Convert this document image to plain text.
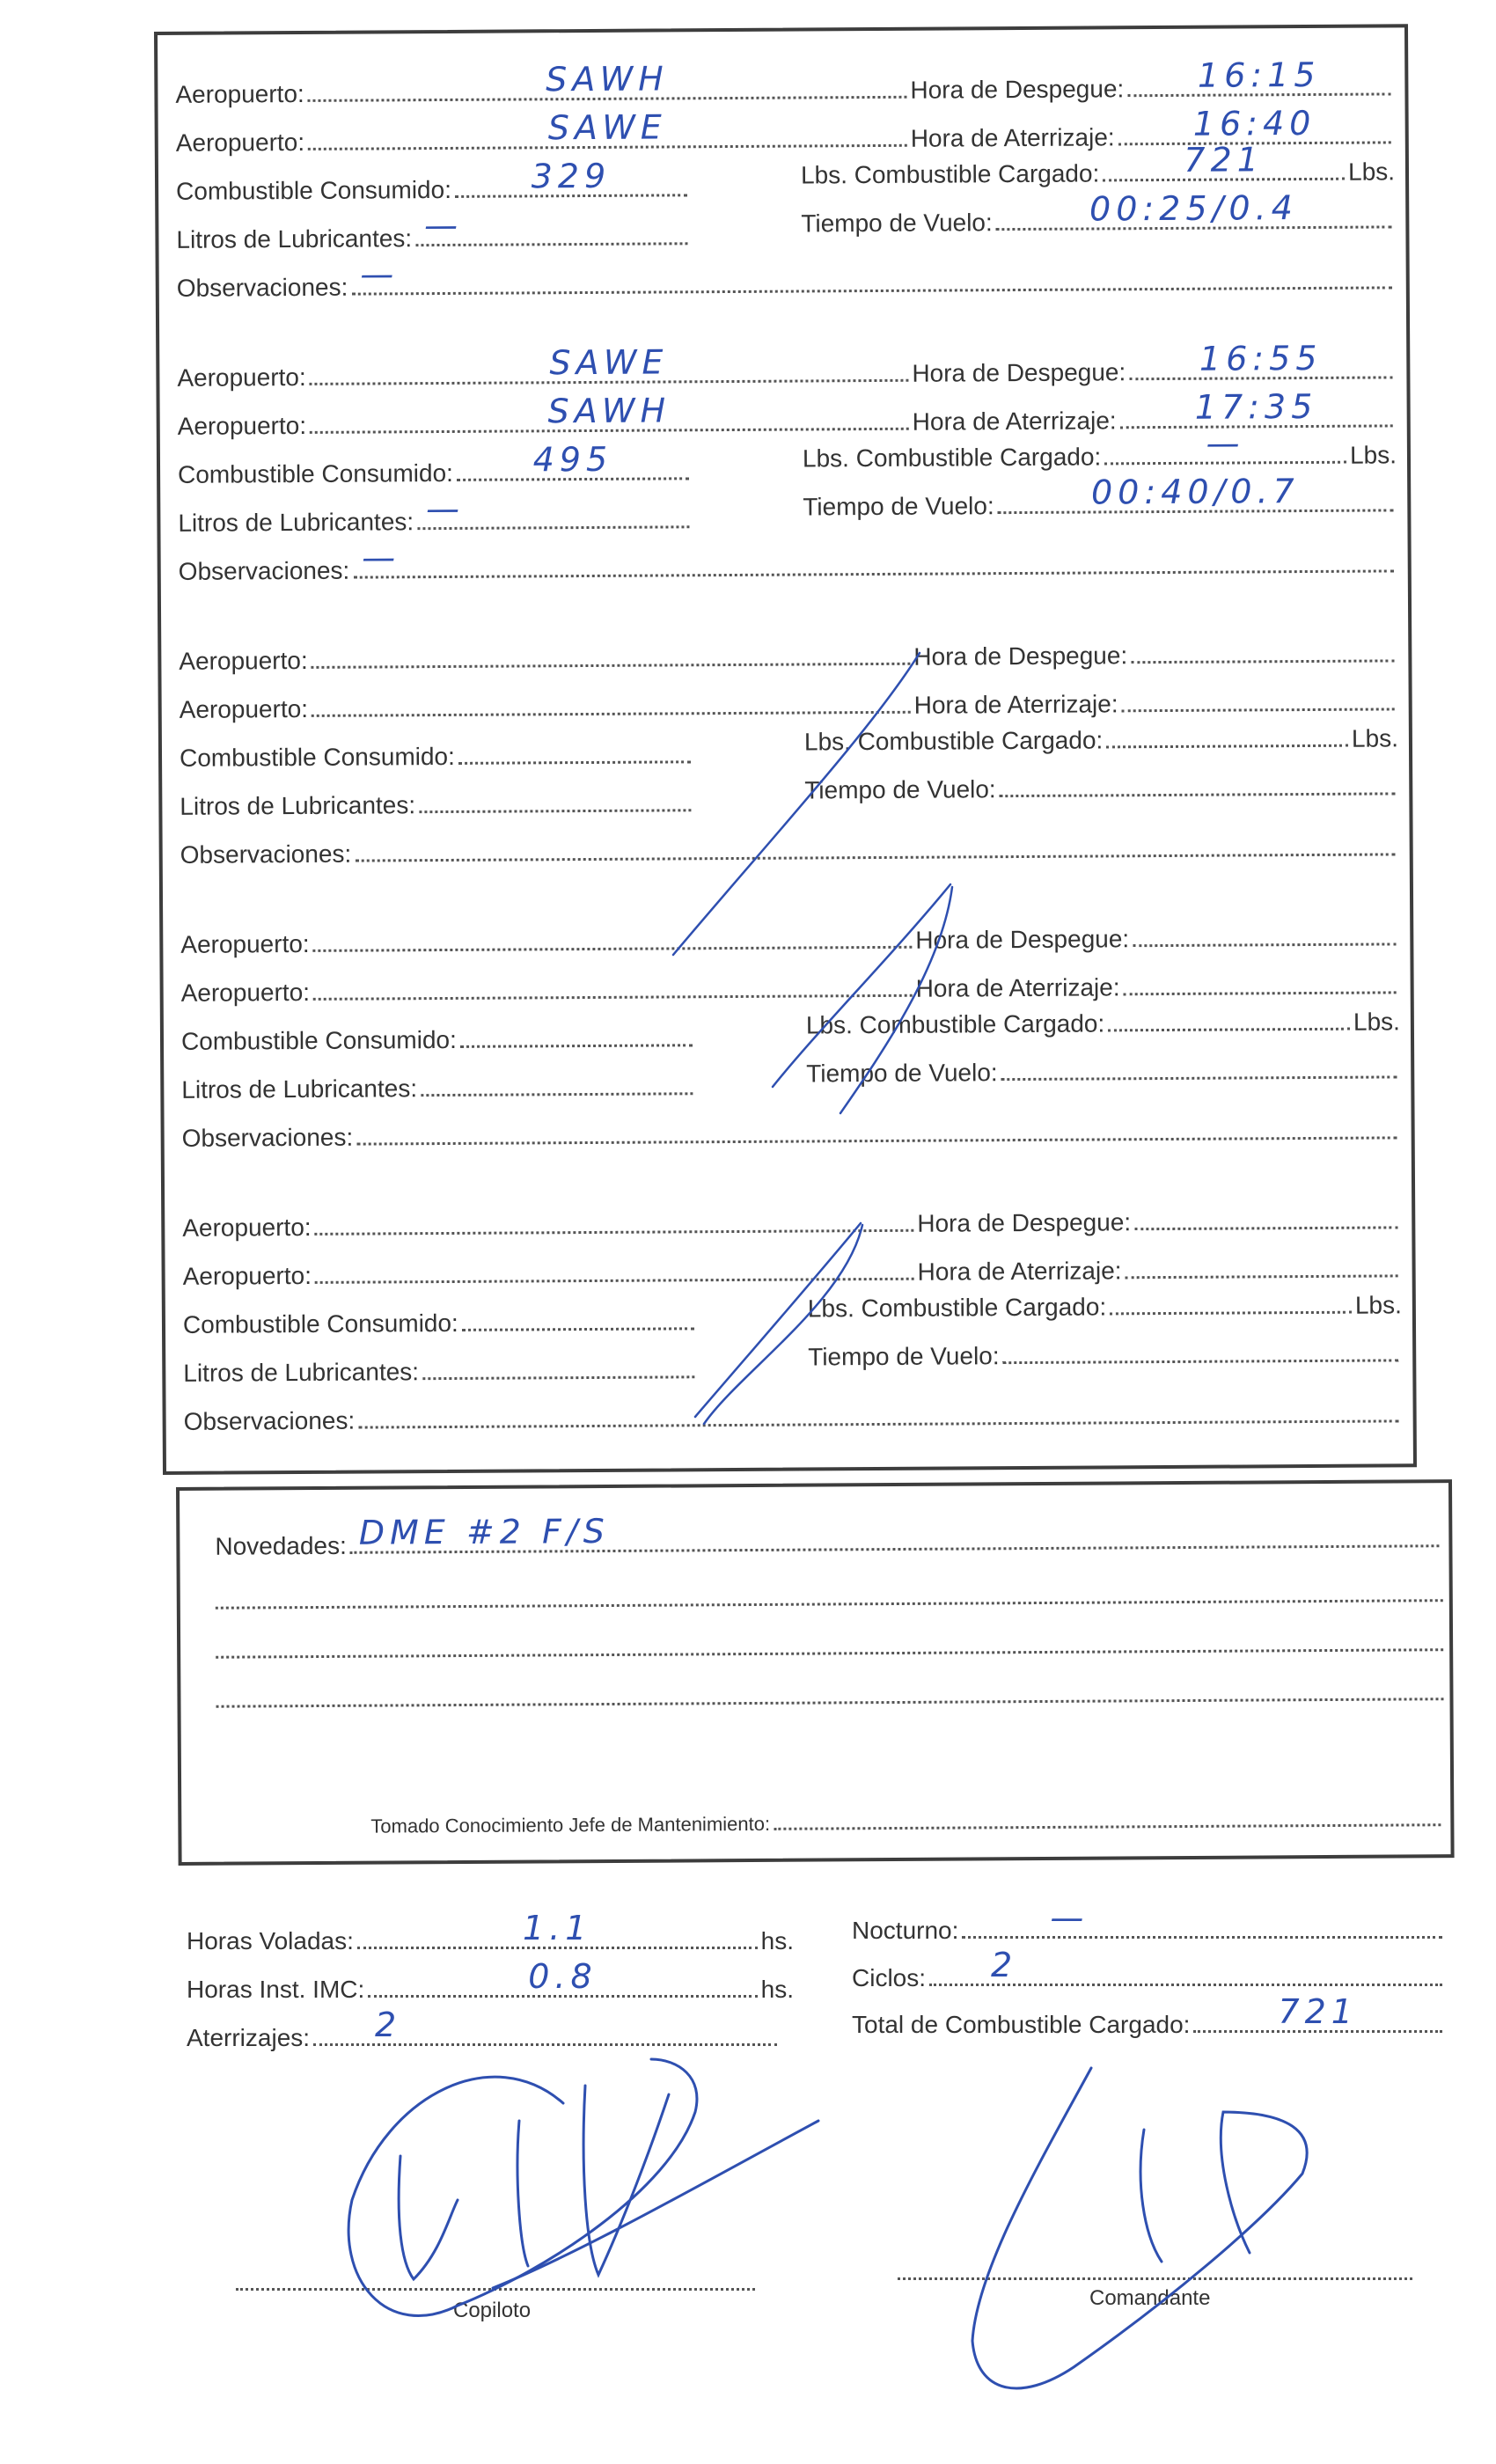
Aeropuerto:	SAWH
Aeropuerto:	SAWE
Combustible Consumido:	329
Litros de Lubricantes: —
Observaciones: —
Hora de Despegue:	16:15
Hora de Aterrizaje:	16:40
Lbs. Combustible Cargado:	721	Lbs.
Tiempo de Vuelo:	00:25/0.4
Aeropuerto:	SAWE
Aeropuerto:	SAWH
Combustible Consumido:	495
Litros de Lubricantes: —
Observaciones: —
Hora de Despegue:	16:55
Hora de Aterrizaje:	17:35
Lbs. Combustible Cargado:	—	Lbs.
Tiempo de Vuelo:	00:40/0.7
Aeropuerto:
Aeropuerto:
Combustible Consumido:
Litros de Lubricantes:
Observaciones:
Hora de Despegue:
Hora de Aterrizaje:
Lbs. Combustible Cargado:	Lbs.
Tiempo de Vuelo:
Aeropuerto:
Aeropuerto:
Combustible Consumido:
Litros de Lubricantes:
Observaciones:
Hora de Despegue:
Hora de Aterrizaje:
Lbs. Combustible Cargado:	Lbs.
Tiempo de Vuelo:
Aeropuerto:
Aeropuerto:
Combustible Consumido:
Litros de Lubricantes:
Observaciones:
Hora de Despegue:
Hora de Aterrizaje:
Lbs. Combustible Cargado:	Lbs.
Tiempo de Vuelo:
Novedades: DME #2 F/S
Tomado Conocimiento Jefe de Mantenimiento:
Horas Voladas:	1.1	hs.
Horas Inst. IMC:	0.8	hs.
Aterrizajes:	2
Nocturno:	—
Ciclos:	2
Total de Combustible Cargado:	721
Copiloto
Comandante
